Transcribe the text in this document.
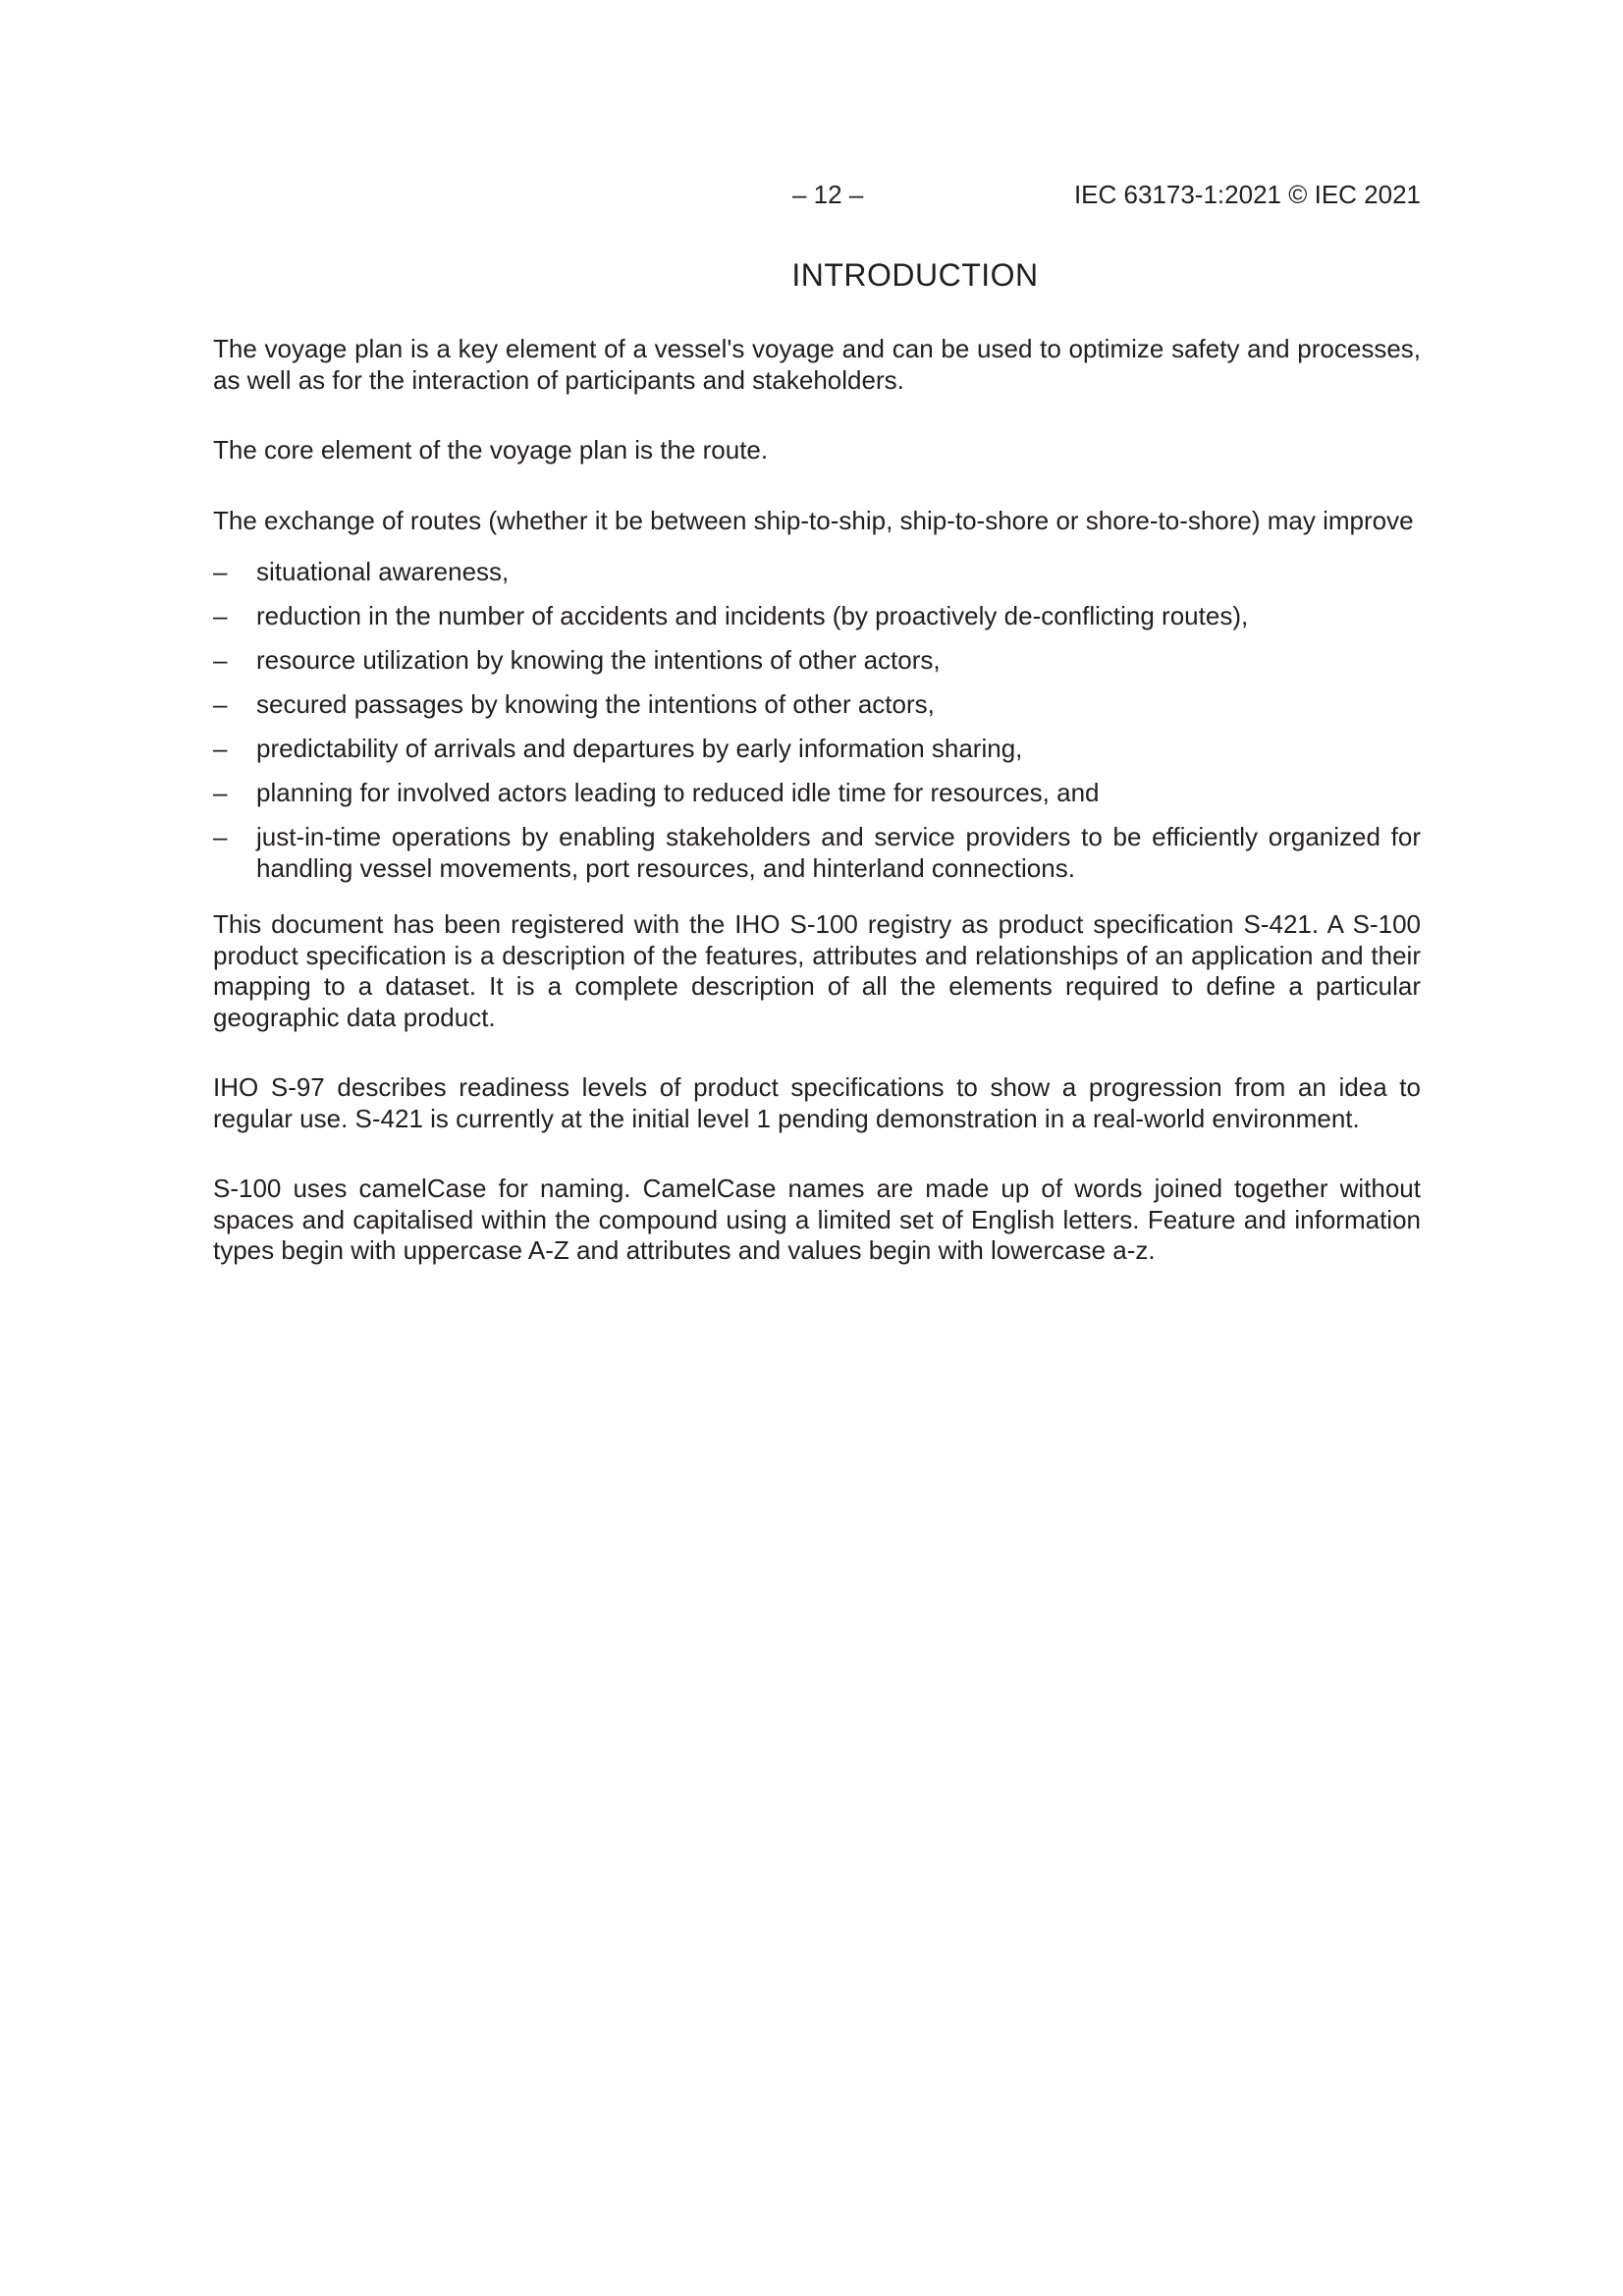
– 12 –	IEC 63173-1:2021 © IEC 2021
INTRODUCTION

The voyage plan is a key element of a vessel's voyage and can be used to optimize safety and processes, as well as for the interaction of participants and stakeholders.

The core element of the voyage plan is the route.

The exchange of routes (whether it be between ship-to-ship, ship-to-shore or shore-to-shore) may improve

– situational awareness,
– reduction in the number of accidents and incidents (by proactively de-conflicting routes),
– resource utilization by knowing the intentions of other actors,
– secured passages by knowing the intentions of other actors,
– predictability of arrivals and departures by early information sharing,
– planning for involved actors leading to reduced idle time for resources, and
– just-in-time operations by enabling stakeholders and service providers to be efficiently organized for handling vessel movements, port resources, and hinterland connections.

This document has been registered with the IHO S-100 registry as product specification S-421. A S-100 product specification is a description of the features, attributes and relationships of an application and their mapping to a dataset. It is a complete description of all the elements required to define a particular geographic data product.

IHO S-97 describes readiness levels of product specifications to show a progression from an idea to regular use. S-421 is currently at the initial level 1 pending demonstration in a real-world environment.

S-100 uses camelCase for naming. CamelCase names are made up of words joined together without spaces and capitalised within the compound using a limited set of English letters. Feature and information types begin with uppercase A-Z and attributes and values begin with lowercase a-z.
